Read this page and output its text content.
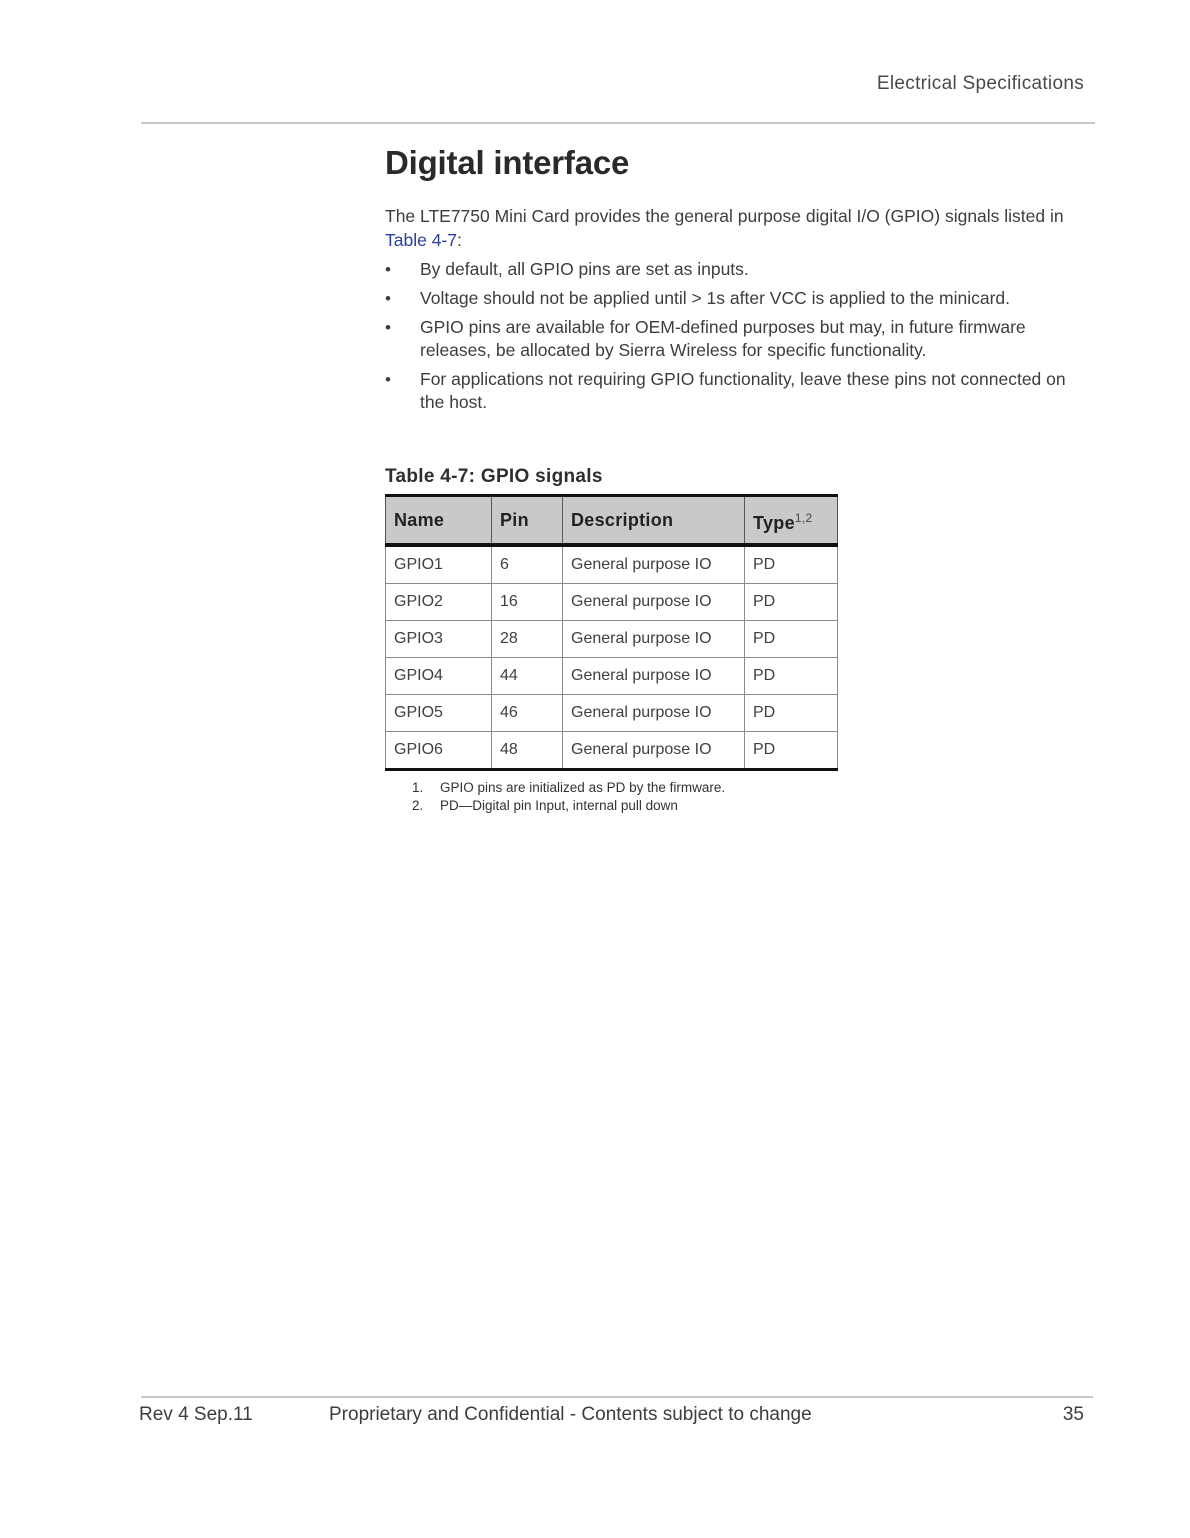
Electrical Specifications
Digital interface

The LTE7750 Mini Card provides the general purpose digital I/O (GPIO) signals listed in Table 4-7:

• By default, all GPIO pins are set as inputs.
• Voltage should not be applied until > 1s after VCC is applied to the minicard.
• GPIO pins are available for OEM-defined purposes but may, in future firmware releases, be allocated by Sierra Wireless for specific functionality.
• For applications not requiring GPIO functionality, leave these pins not connected on the host.
Table 4-7: GPIO signals
Name	Pin	Description	Type$^{1,2}$
GPIO1	6	General purpose IO	PD
GPIO2	16	General purpose IO	PD
GPIO3	28	General purpose IO	PD
GPIO4	44	General purpose IO	PD
GPIO5	46	General purpose IO	PD
GPIO6	48	General purpose IO	PD
1. GPIO pins are initialized as PD by the firmware.
2. PD—Digital pin Input, internal pull down
Rev 4 Sep.11	Proprietary and Confidential - Contents subject to change	35
